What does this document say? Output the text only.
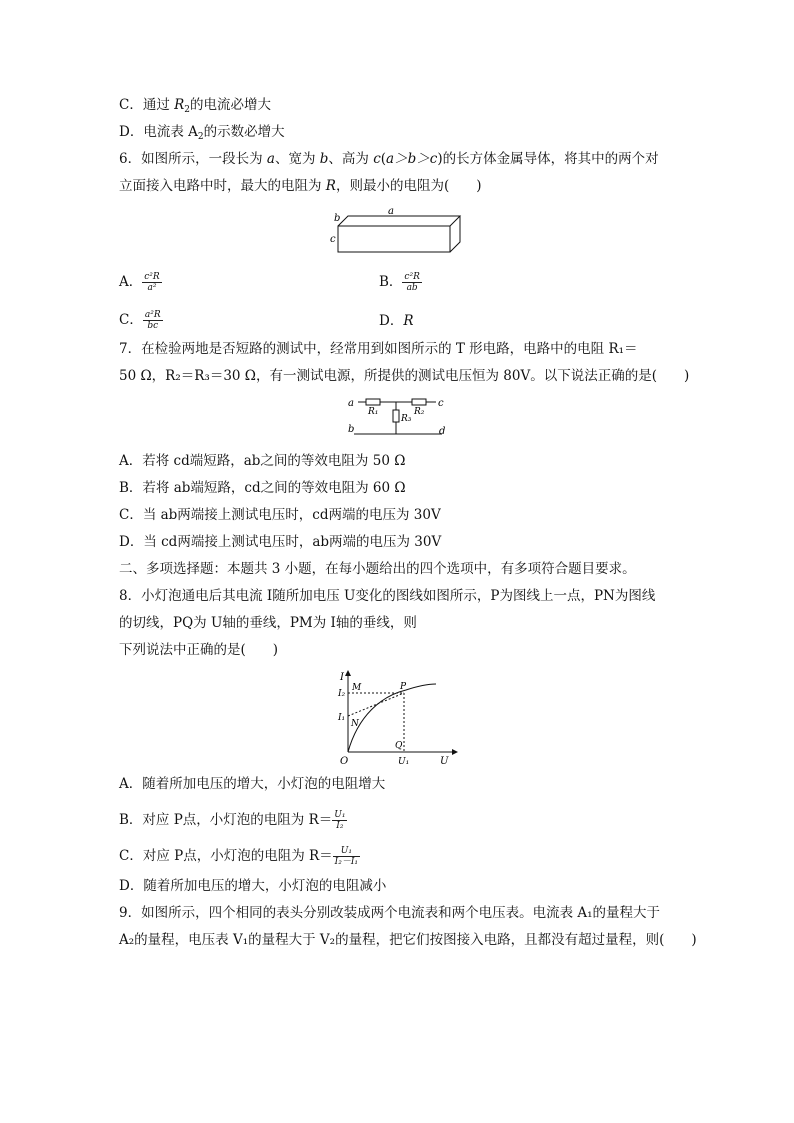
C．通过 $R_2$的电流必增大
D．电流表 $A_2$的示数必增大
6．如图所示，一段长为 a、宽为 b、高为 c(a＞b＞c)的长方体金属导体，将其中的两个对
立面接入电路中时，最大的电阻为 R，则最小的电阻为(　　)
a
b
c
A． $\frac{\text{c²R}}{\text{a²}}$	B． $\frac{\text{c²R}}{ab}$
C． $\frac{\text{a²R}}{bc}$	D．R
7．在检验两地是否短路的测试中，经常用到如图所示的 T 形电路，电路中的电阻 R₁＝
50 Ω，R₂＝R₃＝30 Ω，有一测试电源，所提供的测试电压恒为 80V。以下说法正确的是(　　)
a	c
b	d
R₁	R₂
R₃
A．若将 cd端短路，ab之间的等效电阻为 50 Ω
B．若将 ab端短路，cd之间的等效电阻为 60 Ω
C．当 ab两端接上测试电压时，cd两端的电压为 30V
D．当 cd两端接上测试电压时，ab两端的电压为 30V
二、多项选择题：本题共 3 小题，在每小题给出的四个选项中，有多项符合题目要求。
8．小灯泡通电后其电流 I随所加电压 U变化的图线如图所示，P为图线上一点，PN为图线
的切线，PQ为 U轴的垂线，PM为 I轴的垂线，则
下列说法中正确的是(　　)
I
U
O
I₂
I₁
M	P
N
Q
U₁
A．随着所加电压的增大，小灯泡的电阻增大
B．对应 P点，小灯泡的电阻为 $R= \frac{\text{U₁}}{\text{I₂}}$
C．对应 P点，小灯泡的电阻为 $R= \frac{\text{U₁}}{\text{I₂－I₁}}$
D．随着所加电压的增大，小灯泡的电阻减小
9．如图所示，四个相同的表头分别改装成两个电流表和两个电压表。电流表 A₁的量程大于
A₂的量程，电压表 V₁的量程大于 V₂的量程，把它们按图接入电路，且都没有超过量程，则(　　)
